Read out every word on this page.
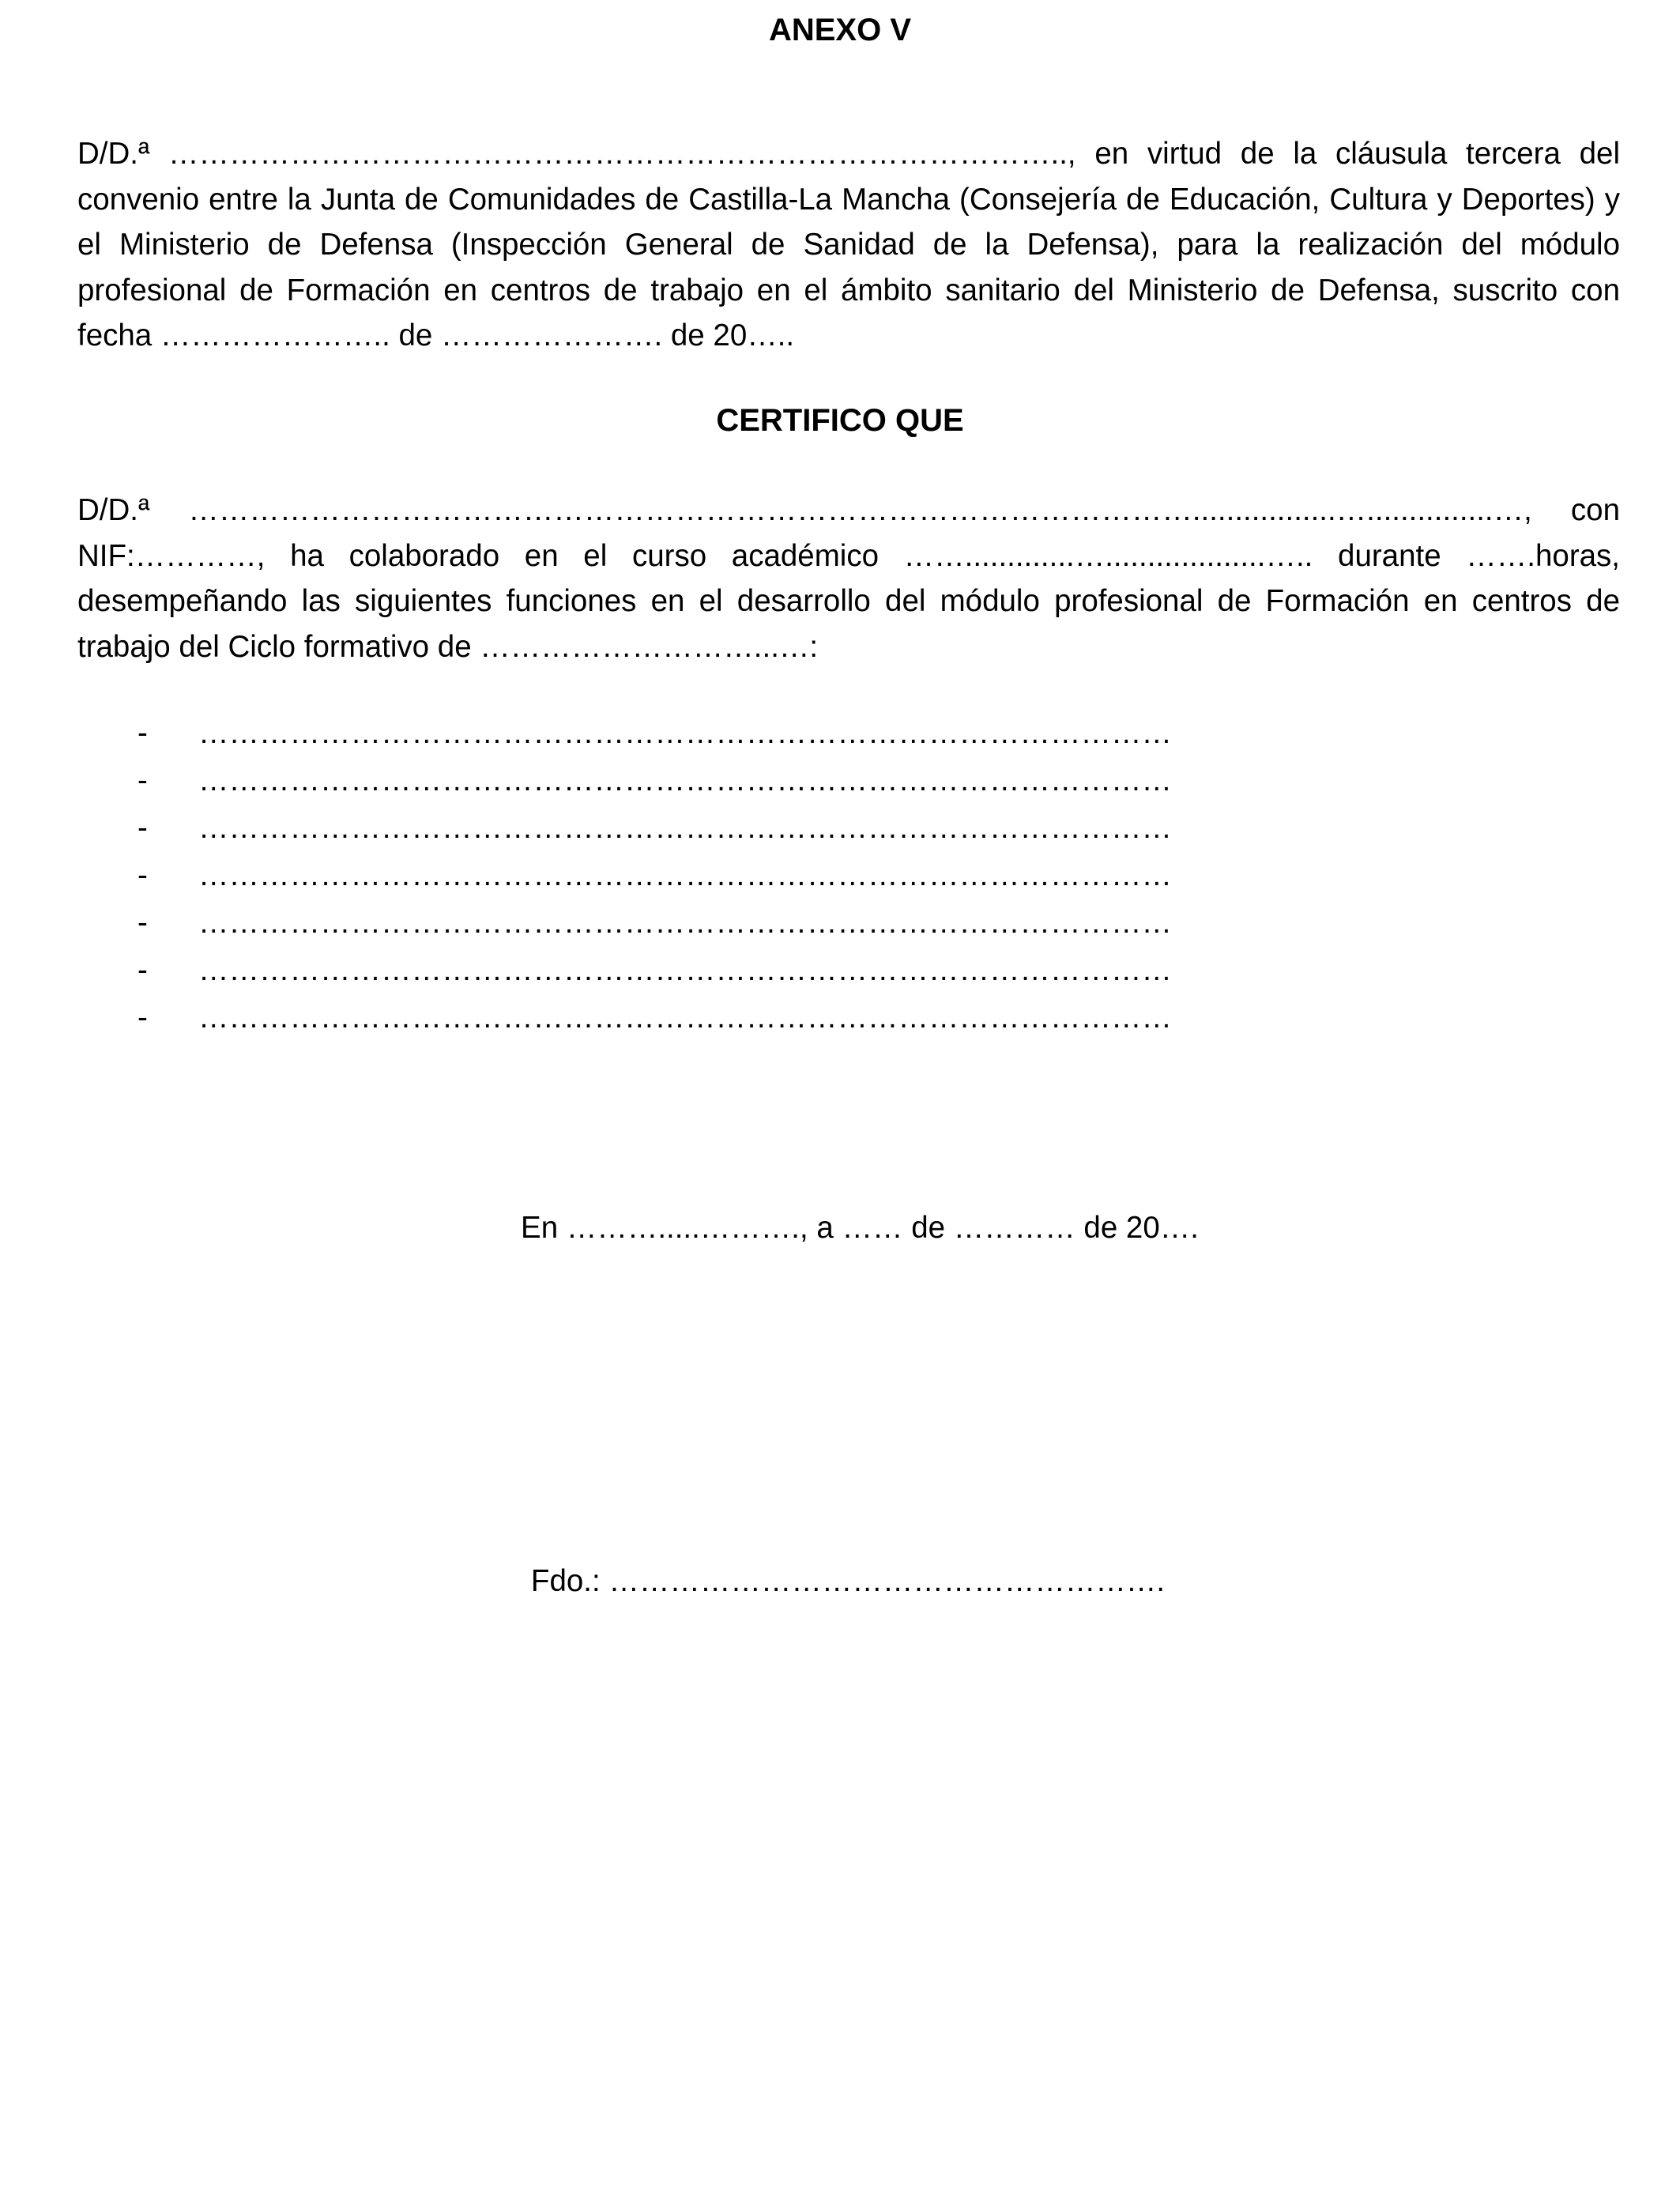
ANEXO V

D/D.ª …………………………………………………………………………….., en virtud de la cláusula tercera del convenio entre la Junta de Comunidades de Castilla-La Mancha (Consejería de Educación, Cultura y Deportes) y el Ministerio de Defensa (Inspección General de Sanidad de la Defensa), para la realización del módulo profesional de Formación en centros de trabajo en el ámbito sanitario del Ministerio de Defensa, suscrito con fecha ………………….. de …………………. de 20…..

CERTIFICO QUE

D/D.ª ……………………………………………………………………………………….................…...............…, con NIF:…………, ha colaborado en el curso académico …….............…...................….. durante …….horas, desempeñando las siguientes funciones en el desarrollo del módulo profesional de Formación en centros de trabajo del Ciclo formativo de ………………………...…:

- ……………………………………………………………………………………
- ……………………………………………………………………………………
- ……………………………………………………………………………………
- ……………………………………………………………………………………
- ……………………………………………………………………………………
- ……………………………………………………………………………………
- ……………………………………………………………………………………
En ……….....………., a …… de ………… de 20….
Fdo.: ……………………………………………….
